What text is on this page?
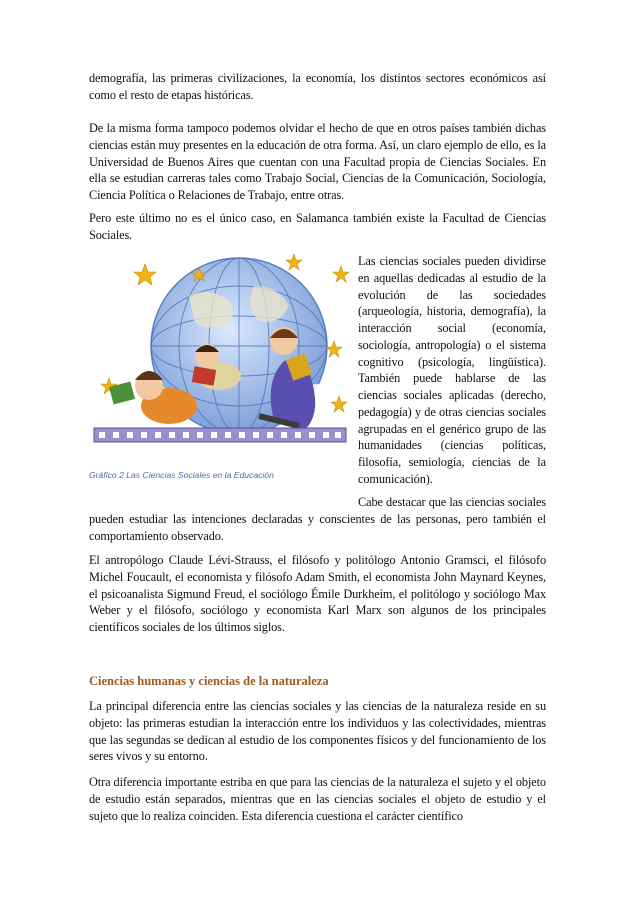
demografía, las primeras civilizaciones, la economía, los distintos sectores económicos así como el resto de etapas históricas.

De la misma forma tampoco podemos olvidar el hecho de que en otros países también dichas ciencias están muy presentes en la educación de otra forma. Así, un claro ejemplo de ello, es la Universidad de Buenos Aires que cuentan con una Facultad propia de Ciencias Sociales. En ella se estudian carreras tales como Trabajo Social, Ciencias de la Comunicación, Sociología, Ciencia Política o Relaciones de Trabajo, entre otras.

Pero este último no es el único caso, en Salamanca también existe la Facultad de Ciencias Sociales.

Gráfico 2 Las Ciencias Sociales en la Educación

Las ciencias sociales pueden dividirse en aquellas dedicadas al estudio de la evolución de las sociedades (arqueología, historia, demografía), la interacción social (economía, sociología, antropología) o el sistema cognitivo (psicología, lingüística). También puede hablarse de las ciencias sociales aplicadas (derecho, pedagogía) y de otras ciencias sociales agrupadas en el genérico grupo de las humanidades (ciencias políticas, filosofía, semiología, ciencias de la comunicación).

Cabe destacar que las ciencias sociales pueden estudiar las intenciones declaradas y conscientes de las personas, pero también el comportamiento observado.

El antropólogo Claude Lévi-Strauss, el filósofo y politólogo Antonio Gramsci, el filósofo Michel Foucault, el economista y filósofo Adam Smith, el economista John Maynard Keynes, el psicoanalista Sigmund Freud, el sociólogo Émile Durkheim, el politólogo y sociólogo Max Weber y el filósofo, sociólogo y economista Karl Marx son algunos de los principales científicos sociales de los últimos siglos.

Ciencias humanas y ciencias de la naturaleza

La principal diferencia entre las ciencias sociales y las ciencias de la naturaleza reside en su objeto: las primeras estudian la interacción entre los individuos y las colectividades, mientras que las segundas se dedican al estudio de los componentes físicos y del funcionamiento de los seres vivos y su entorno.

Otra diferencia importante estriba en que para las ciencias de la naturaleza el sujeto y el objeto de estudio están separados, mientras que en las ciencias sociales el objeto de estudio y el sujeto que lo realiza coinciden. Esta diferencia cuestiona el carácter científico
